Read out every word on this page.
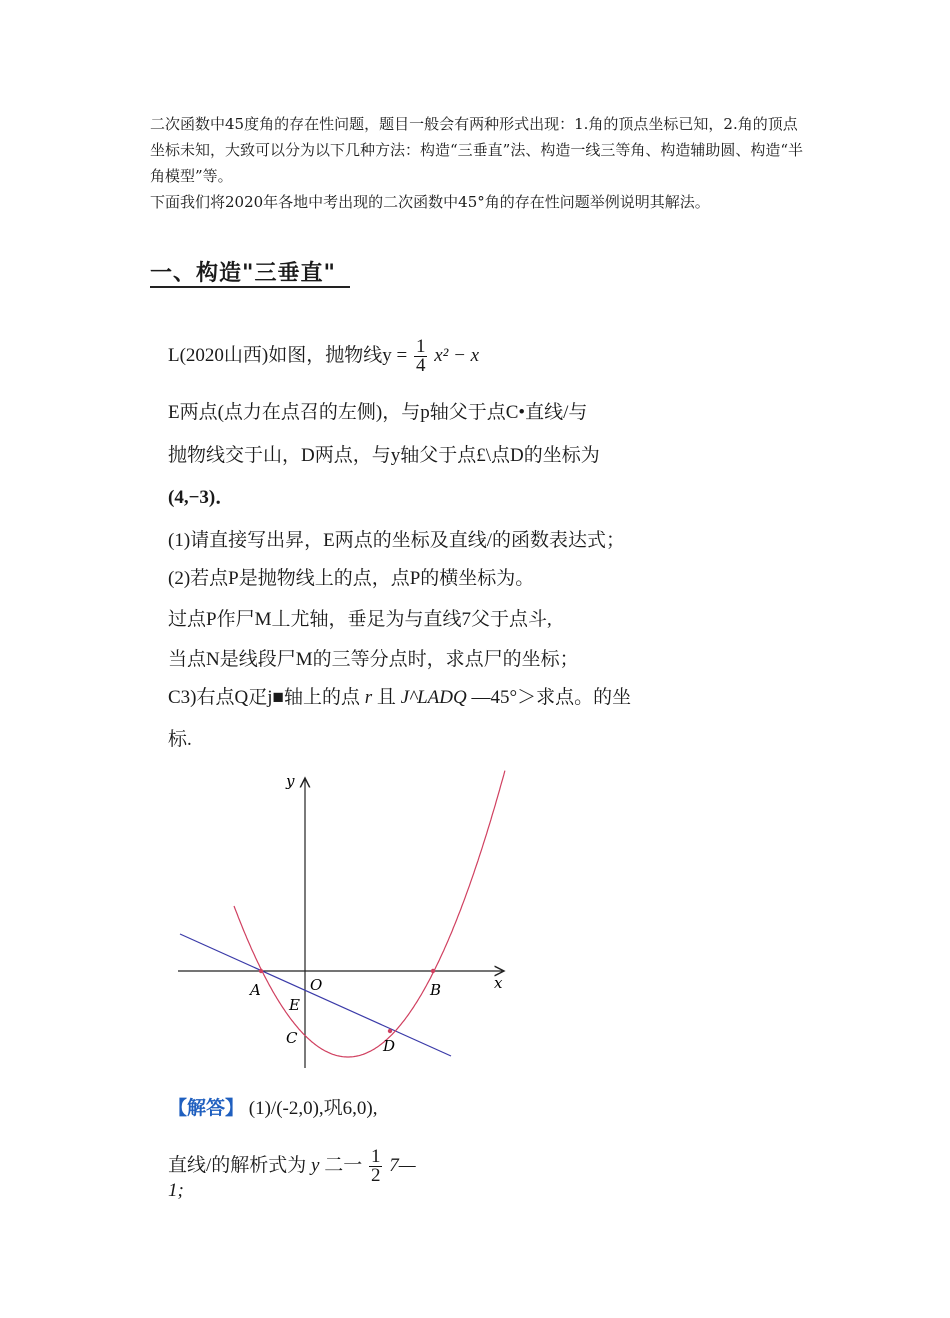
二次函数中45度角的存在性问题，题目一般会有两种形式出现：1.角的顶点坐标已知，2.角的顶点坐标未知，大致可以分为以下几种方法：构造“三垂直”法、构造一线三等角、构造辅助圆、构造“半角模型”等。

下面我们将2020年各地中考出现的二次函数中45°角的存在性问题举例说明其解法。

一、构造"三垂直"
L(2020山西)如图，抛物线$y = \frac{1}{4} x^2 - x$
E两点(点力在点召的左侧)，与p轴父于点C•直线/与
抛物线交于山，D两点，与y轴父于点£\点D的坐标为
(4,−3)．
(1)请直接写出昇，E两点的坐标及直线/的函数表达式；
(2)若点P是抛物线上的点，点P的横坐标为。
过点P作尸M丄尤轴，垂足为与直线7父于点斗,
当点N是线段尸M的三等分点时，求点尸的坐标；
C3)右点Q疋j■轴上的点 r 且 J^LADQ —45°＞求点。的坐
标.
y
x
O
A	B
E
C	D
【解答】 (1)/(-2,0),巩6,0),
直线/的解析式为 y 二一 $\frac{1}{2}$ 7—
1;
